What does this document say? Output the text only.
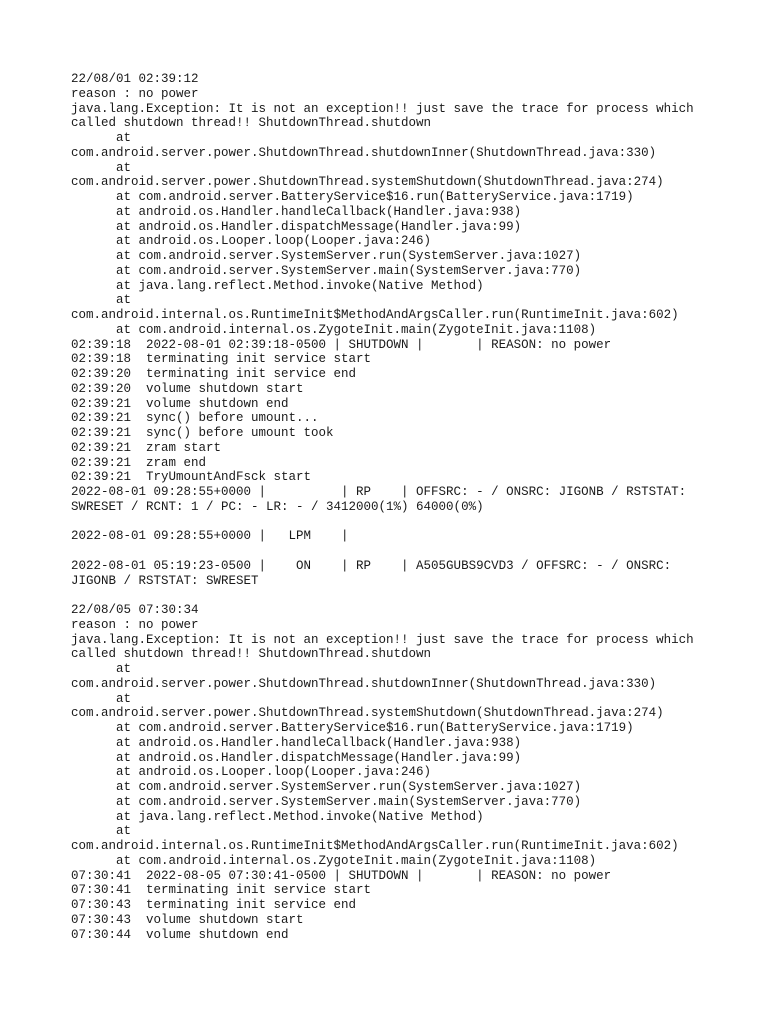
22/08/01 02:39:12
reason : no power
java.lang.Exception: It is not an exception!! just save the trace for process which
called shutdown thread!! ShutdownThread.shutdown
at
com.android.server.power.ShutdownThread.shutdownInner(ShutdownThread.java:330)
at
com.android.server.power.ShutdownThread.systemShutdown(ShutdownThread.java:274)
at com.android.server.BatteryService$16.run(BatteryService.java:1719)
at android.os.Handler.handleCallback(Handler.java:938)
at android.os.Handler.dispatchMessage(Handler.java:99)
at android.os.Looper.loop(Looper.java:246)
at com.android.server.SystemServer.run(SystemServer.java:1027)
at com.android.server.SystemServer.main(SystemServer.java:770)
at java.lang.reflect.Method.invoke(Native Method)
at
com.android.internal.os.RuntimeInit$MethodAndArgsCaller.run(RuntimeInit.java:602)
at com.android.internal.os.ZygoteInit.main(ZygoteInit.java:1108)
02:39:18  2022-08-01 02:39:18-0500 | SHUTDOWN |       | REASON: no power
02:39:18  terminating init service start
02:39:20  terminating init service end
02:39:20  volume shutdown start
02:39:21  volume shutdown end
02:39:21  sync() before umount...
02:39:21  sync() before umount took
02:39:21  zram start
02:39:21  zram end
02:39:21  TryUmountAndFsck start
2022-08-01 09:28:55+0000 |          | RP    | OFFSRC: - / ONSRC: JIGONB / RSTSTAT:
SWRESET / RCNT: 1 / PC: - LR: - / 3412000(1%) 64000(0%)
2022-08-01 09:28:55+0000 |   LPM    |
2022-08-01 05:19:23-0500 |    ON    | RP    | A505GUBS9CVD3 / OFFSRC: - / ONSRC:
JIGONB / RSTSTAT: SWRESET
22/08/05 07:30:34
reason : no power
java.lang.Exception: It is not an exception!! just save the trace for process which
called shutdown thread!! ShutdownThread.shutdown
at
com.android.server.power.ShutdownThread.shutdownInner(ShutdownThread.java:330)
at
com.android.server.power.ShutdownThread.systemShutdown(ShutdownThread.java:274)
at com.android.server.BatteryService$16.run(BatteryService.java:1719)
at android.os.Handler.handleCallback(Handler.java:938)
at android.os.Handler.dispatchMessage(Handler.java:99)
at android.os.Looper.loop(Looper.java:246)
at com.android.server.SystemServer.run(SystemServer.java:1027)
at com.android.server.SystemServer.main(SystemServer.java:770)
at java.lang.reflect.Method.invoke(Native Method)
at
com.android.internal.os.RuntimeInit$MethodAndArgsCaller.run(RuntimeInit.java:602)
at com.android.internal.os.ZygoteInit.main(ZygoteInit.java:1108)
07:30:41  2022-08-05 07:30:41-0500 | SHUTDOWN |       | REASON: no power
07:30:41  terminating init service start
07:30:43  terminating init service end
07:30:43  volume shutdown start
07:30:44  volume shutdown end
